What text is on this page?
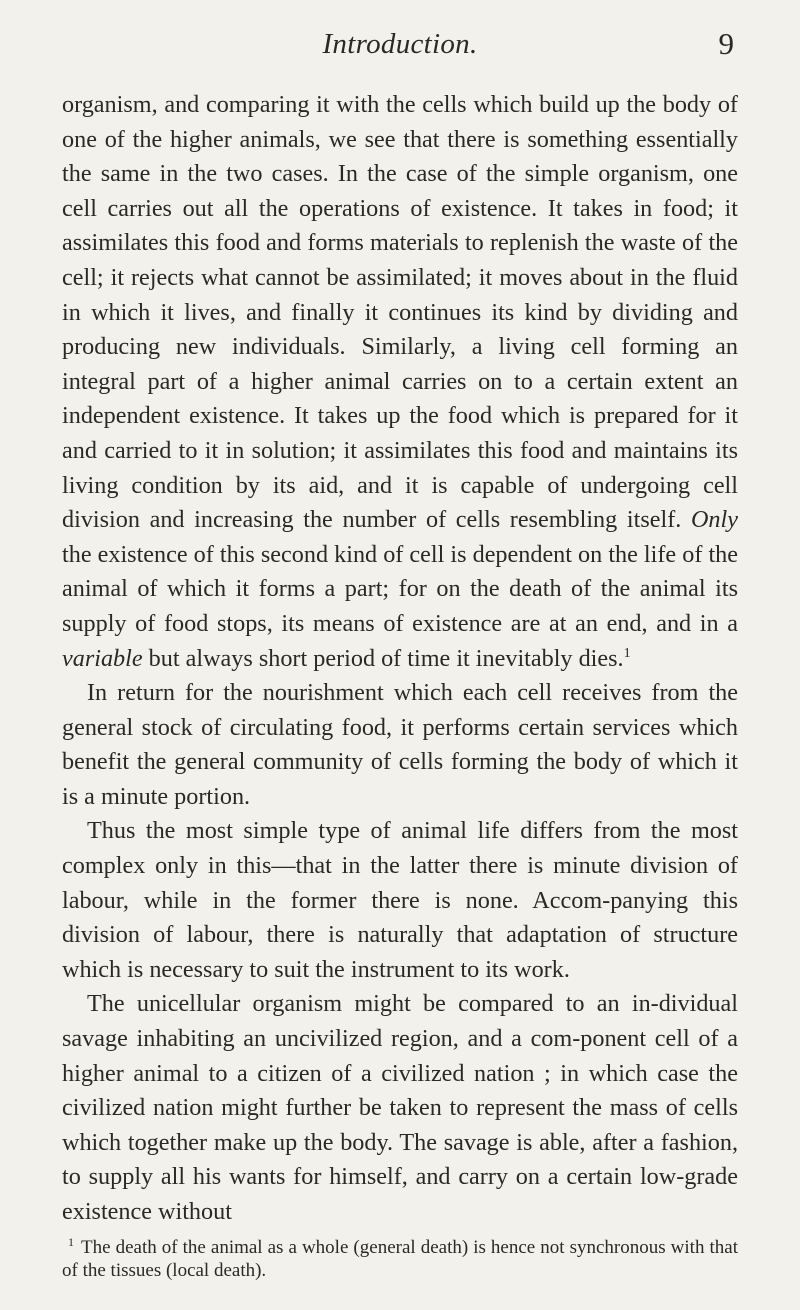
Introduction.	9

organism, and comparing it with the cells which build up the body of one of the higher animals, we see that there is something essentially the same in the two cases. In the case of the simple organism, one cell carries out all the operations of existence. It takes in food; it assimilates this food and forms materials to replenish the waste of the cell; it rejects what cannot be assimilated; it moves about in the fluid in which it lives, and finally it continues its kind by dividing and producing new individuals. Similarly, a living cell forming an integral part of a higher animal carries on to a certain extent an independent existence. It takes up the food which is prepared for it and carried to it in solution; it assimilates this food and maintains its living condition by its aid, and it is capable of undergoing cell division and increasing the number of cells resembling itself. Only the existence of this second kind of cell is dependent on the life of the animal of which it forms a part; for on the death of the animal its supply of food stops, its means of existence are at an end, and in a variable but always short period of time it inevitably dies.$^1$

In return for the nourishment which each cell receives from the general stock of circulating food, it performs certain services which benefit the general community of cells forming the body of which it is a minute portion.

Thus the most simple type of animal life differs from the most complex only in this—that in the latter there is minute division of labour, while in the former there is none. Accom-panying this division of labour, there is naturally that adaptation of structure which is necessary to suit the instrument to its work.

The unicellular organism might be compared to an in-dividual savage inhabiting an uncivilized region, and a com-ponent cell of a higher animal to a citizen of a civilized nation ; in which case the civilized nation might further be taken to represent the mass of cells which together make up the body. The savage is able, after a fashion, to supply all his wants for himself, and carry on a certain low-grade existence without

$^1$ The death of the animal as a whole (general death) is hence not synchronous with that of the tissues (local death).
